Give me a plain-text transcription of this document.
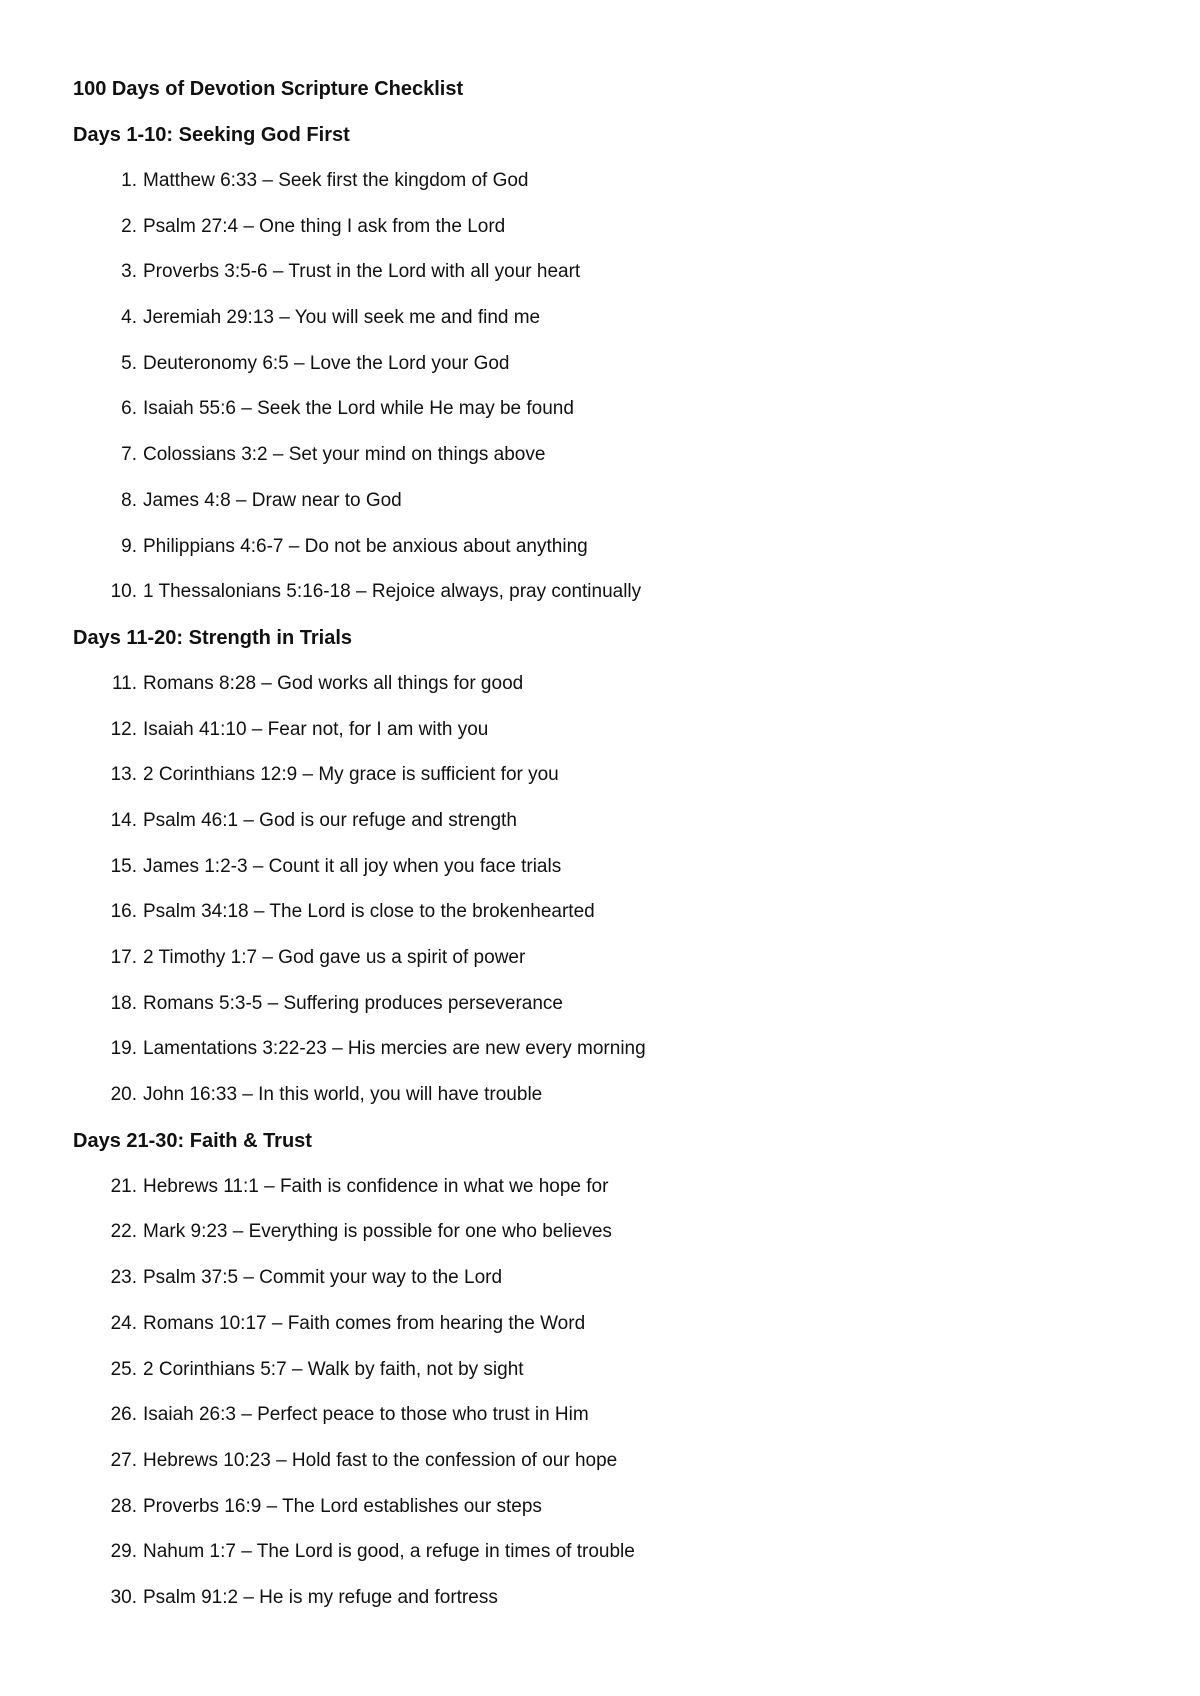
100 Days of Devotion Scripture Checklist
Days 1-10: Seeking God First
1. Matthew 6:33 – Seek first the kingdom of God
2. Psalm 27:4 – One thing I ask from the Lord
3. Proverbs 3:5-6 – Trust in the Lord with all your heart
4. Jeremiah 29:13 – You will seek me and find me
5. Deuteronomy 6:5 – Love the Lord your God
6. Isaiah 55:6 – Seek the Lord while He may be found
7. Colossians 3:2 – Set your mind on things above
8. James 4:8 – Draw near to God
9. Philippians 4:6-7 – Do not be anxious about anything
10. 1 Thessalonians 5:16-18 – Rejoice always, pray continually
Days 11-20: Strength in Trials
11. Romans 8:28 – God works all things for good
12. Isaiah 41:10 – Fear not, for I am with you
13. 2 Corinthians 12:9 – My grace is sufficient for you
14. Psalm 46:1 – God is our refuge and strength
15. James 1:2-3 – Count it all joy when you face trials
16. Psalm 34:18 – The Lord is close to the brokenhearted
17. 2 Timothy 1:7 – God gave us a spirit of power
18. Romans 5:3-5 – Suffering produces perseverance
19. Lamentations 3:22-23 – His mercies are new every morning
20. John 16:33 – In this world, you will have trouble
Days 21-30: Faith & Trust
21. Hebrews 11:1 – Faith is confidence in what we hope for
22. Mark 9:23 – Everything is possible for one who believes
23. Psalm 37:5 – Commit your way to the Lord
24. Romans 10:17 – Faith comes from hearing the Word
25. 2 Corinthians 5:7 – Walk by faith, not by sight
26. Isaiah 26:3 – Perfect peace to those who trust in Him
27. Hebrews 10:23 – Hold fast to the confession of our hope
28. Proverbs 16:9 – The Lord establishes our steps
29. Nahum 1:7 – The Lord is good, a refuge in times of trouble
30. Psalm 91:2 – He is my refuge and fortress
